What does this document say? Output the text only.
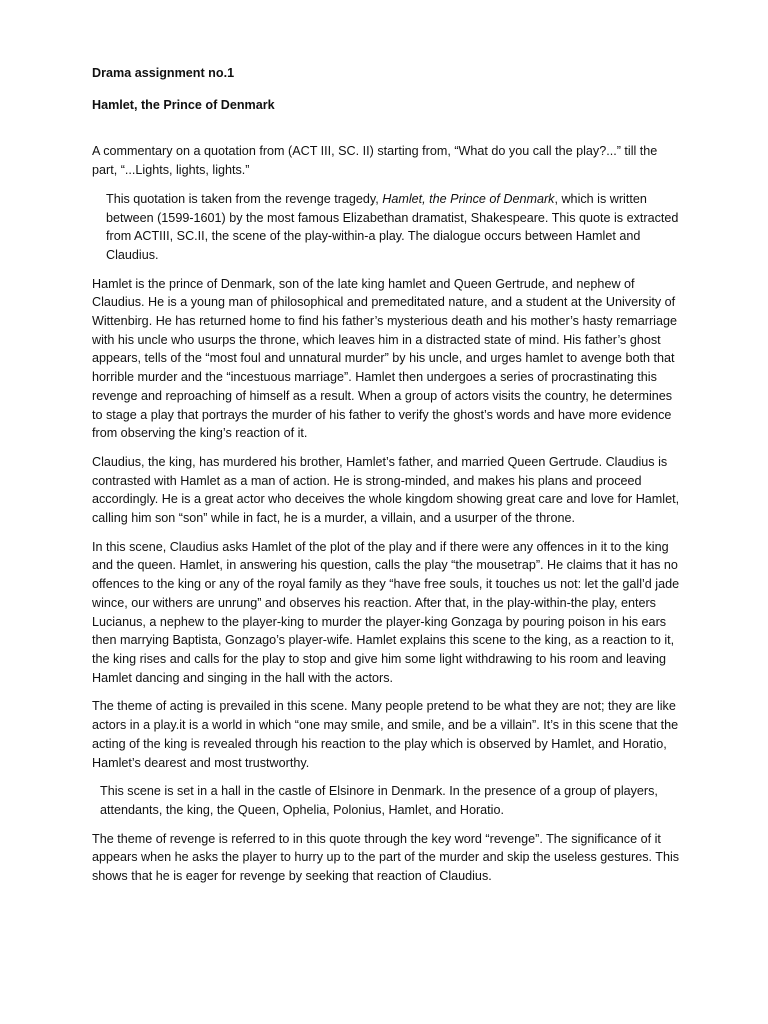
Drama assignment no.1

Hamlet, the Prince of Denmark

A commentary on a quotation from (ACT III, SC. II) starting from, “What do you call the play?...” till the part, “...Lights, lights, lights.”

This quotation is taken from the revenge tragedy, Hamlet, the Prince of Denmark, which is written between (1599-1601) by the most famous Elizabethan dramatist, Shakespeare. This quote is extracted from ACTIII, SC.II, the scene of the play-within-a play. The dialogue occurs between Hamlet and Claudius.

Hamlet is the prince of Denmark, son of the late king hamlet and Queen Gertrude, and nephew of Claudius. He is a young man of philosophical and premeditated nature, and a student at the University of Wittenbirg. He has returned home to find his father’s mysterious death and his mother’s hasty remarriage with his uncle who usurps the throne, which leaves him in a distracted state of mind. His father’s ghost appears, tells of the “most foul and unnatural murder” by his uncle, and urges hamlet to avenge both that horrible murder and the “incestuous marriage”. Hamlet then undergoes a series of procrastinating this revenge and reproaching of himself as a result. When a group of actors visits the country, he determines to stage a play that portrays the murder of his father to verify the ghost’s words and have more evidence from observing the king’s reaction of it.

Claudius, the king, has murdered his brother, Hamlet’s father, and married Queen Gertrude. Claudius is contrasted with Hamlet as a man of action. He is strong-minded, and makes his plans and proceed accordingly. He is a great actor who deceives the whole kingdom showing great care and love for Hamlet, calling him son “son” while in fact, he is a murder, a villain, and a usurper of the throne.

In this scene, Claudius asks Hamlet of the plot of the play and if there were any offences in it to the king and the queen. Hamlet, in answering his question, calls the play “the mousetrap”. He claims that it has no offences to the king or any of the royal family as they “have free souls, it touches us not: let the gall’d jade wince, our withers are unrung” and observes his reaction. After that, in the play-within-the play, enters Lucianus, a nephew to the player-king to murder the player-king Gonzaga by pouring poison in his ears then marrying Baptista, Gonzago’s player-wife. Hamlet explains this scene to the king, as a reaction to it, the king rises and calls for the play to stop and give him some light withdrawing to his room and leaving Hamlet dancing and singing in the hall with the actors.

The theme of acting is prevailed in this scene. Many people pretend to be what they are not; they are like actors in a play.it is a world in which “one may smile, and smile, and be a villain”. It’s in this scene that the acting of the king is revealed through his reaction to the play which is observed by Hamlet, and Horatio, Hamlet’s dearest and most trustworthy.

This scene is set in a hall in the castle of Elsinore in Denmark. In the presence of a group of players, attendants, the king, the Queen, Ophelia, Polonius, Hamlet, and Horatio.

The theme of revenge is referred to in this quote through the key word “revenge”. The significance of it appears when he asks the player to hurry up to the part of the murder and skip the useless gestures. This shows that he is eager for revenge by seeking that reaction of Claudius.
